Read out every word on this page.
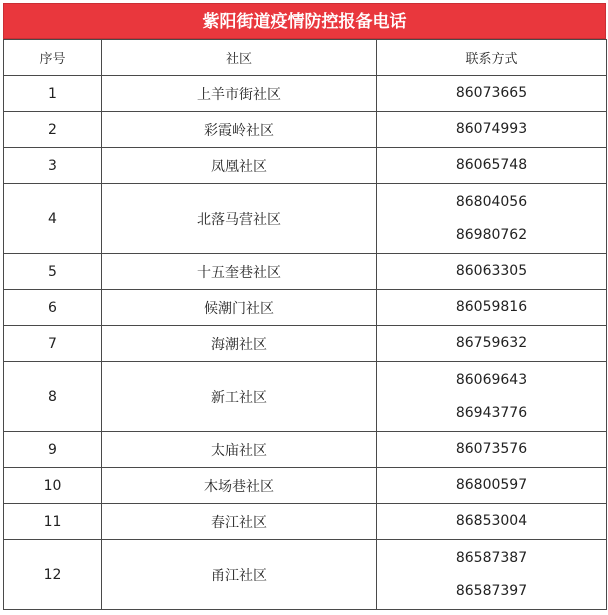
紫阳街道疫情防控报备电话
序号	社区	联系方式
1	上羊市街社区	86073665

2	彩霞岭社区	86074993

3	凤凰社区	86065748

4	北落马营社区	86804056
86980762

5	十五奎巷社区	86063305

6	候潮门社区	86059816

7	海潮社区	86759632

8	新工社区	86069643
86943776

9	太庙社区	86073576

10	木场巷社区	86800597

11	春江社区	86853004

12	甬江社区	86587387
86587397
